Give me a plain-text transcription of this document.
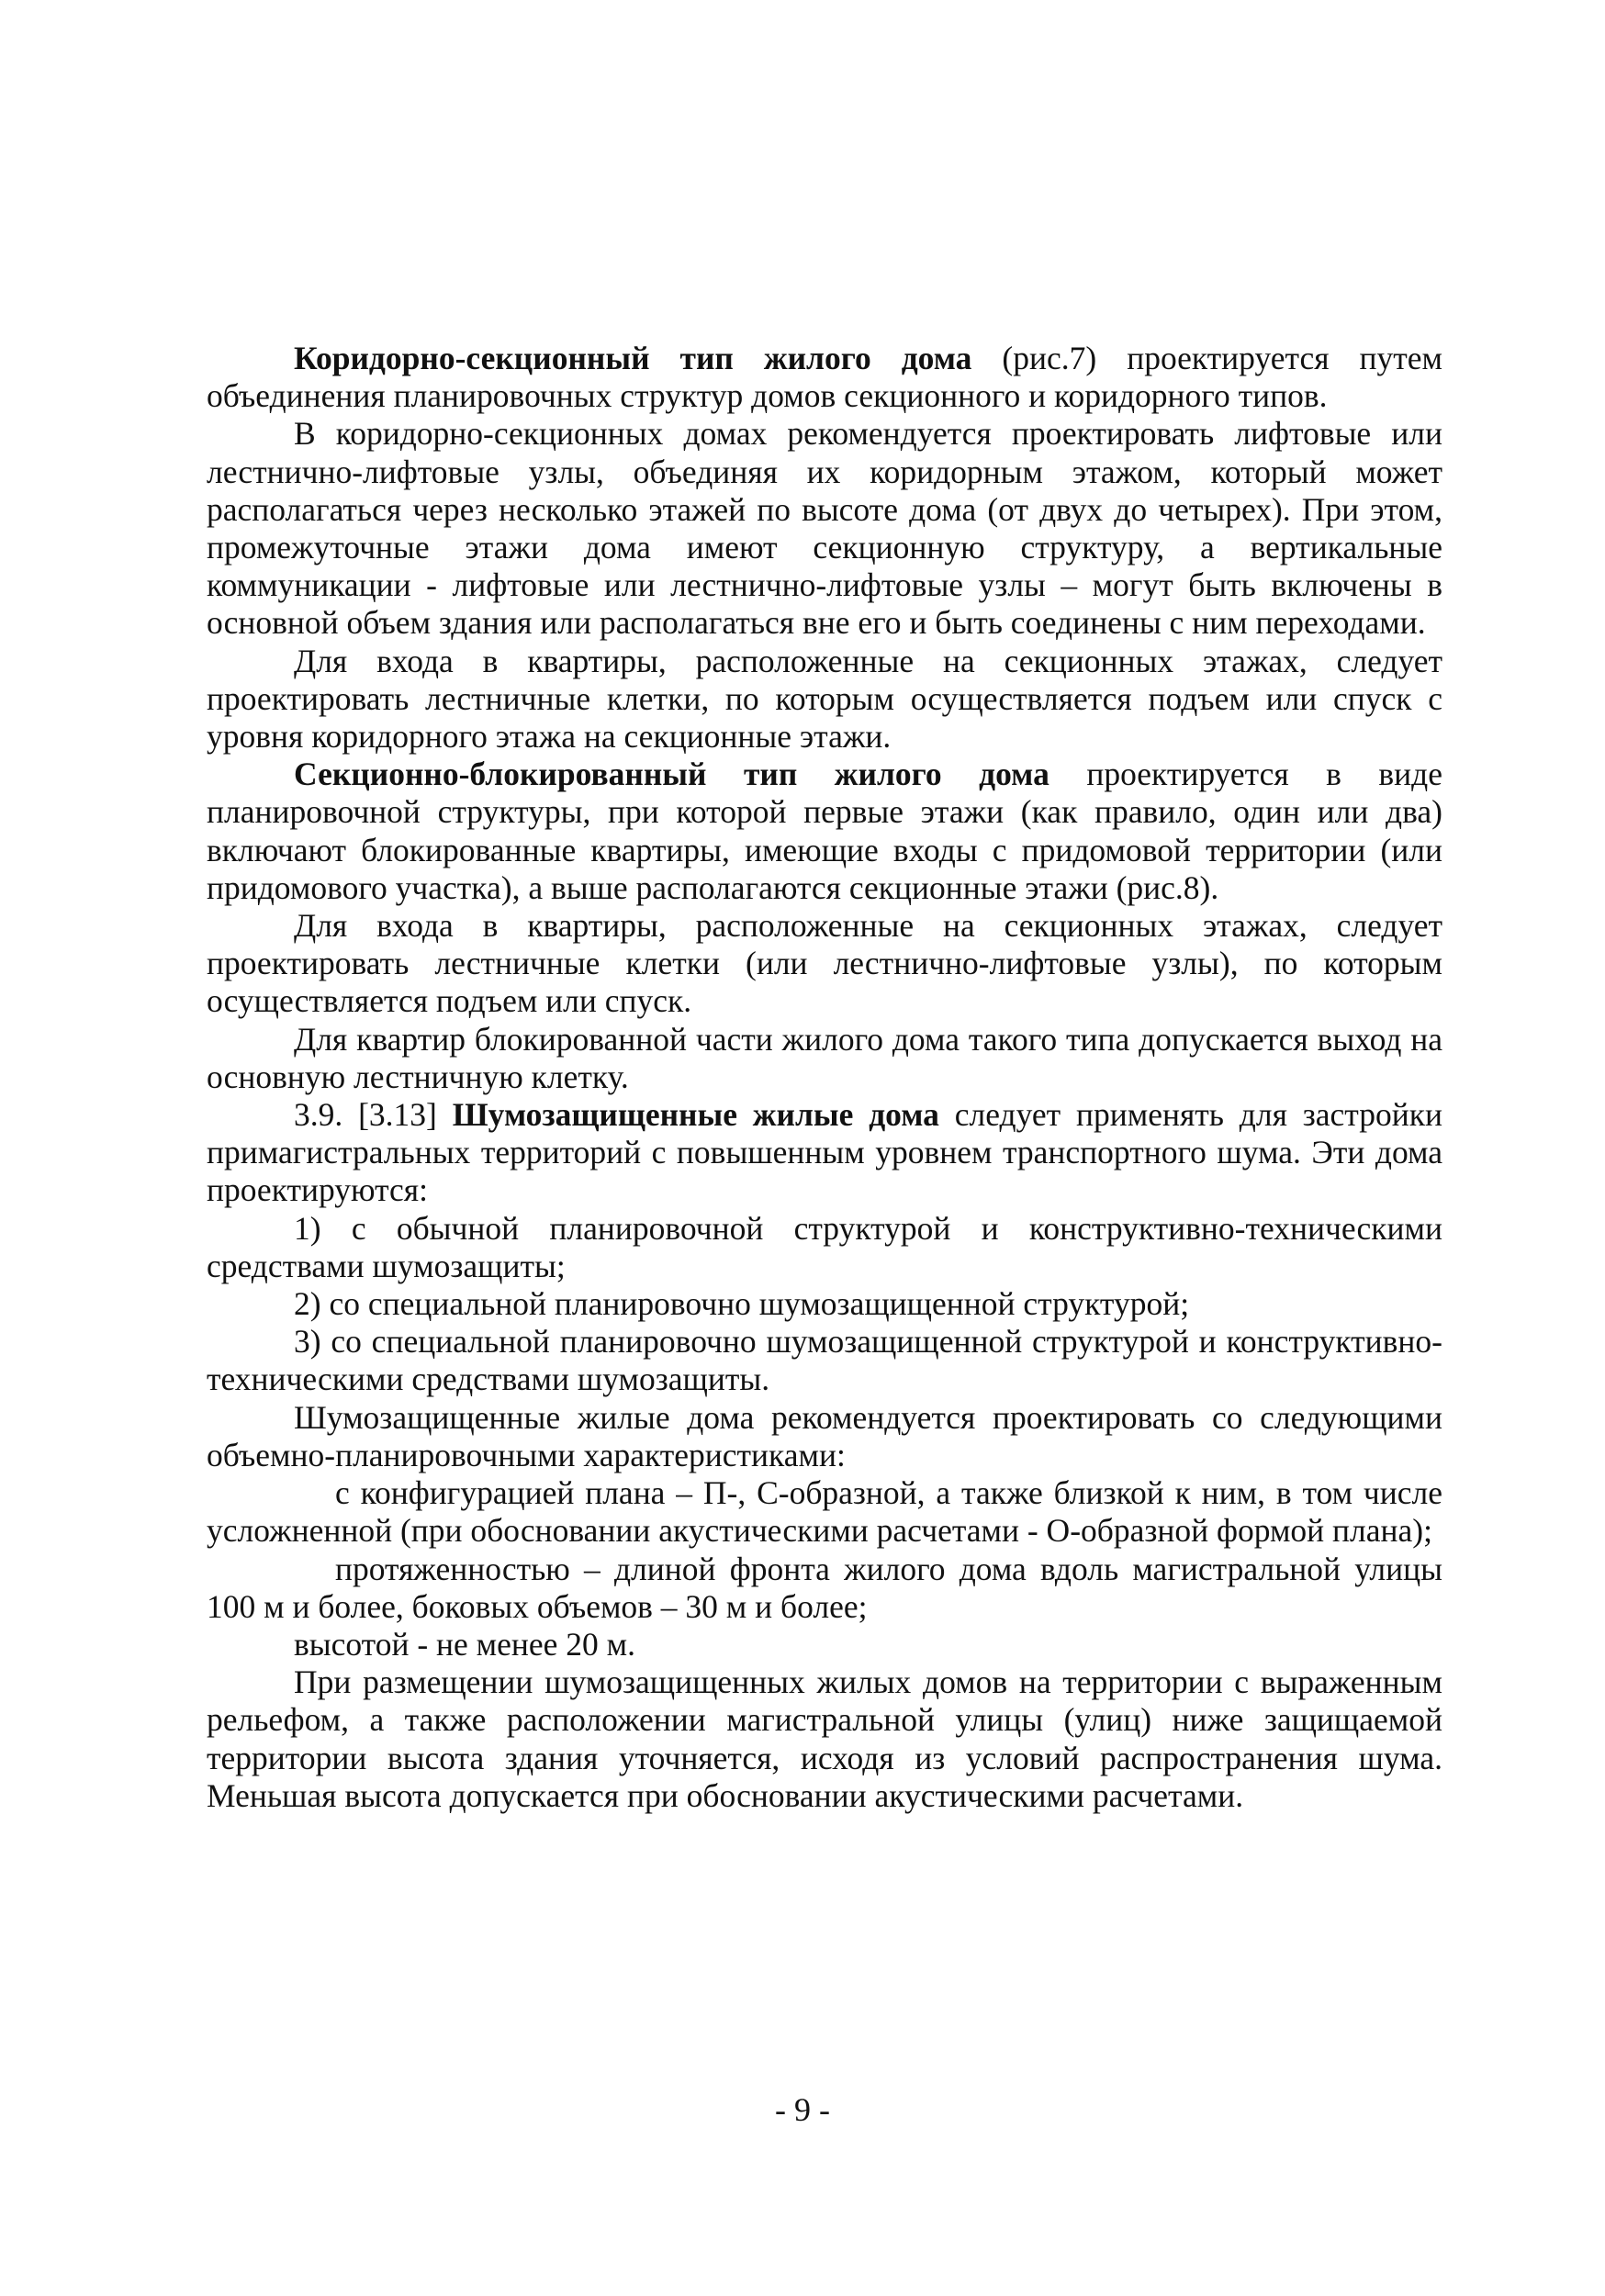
Коридорно-секционный тип жилого дома (рис.7) проектируется путем объединения планировочных структур домов секционного и коридорного типов.

В коридорно-секционных домах рекомендуется проектировать лифтовые или лестнично-лифтовые узлы, объединяя их коридорным этажом, который может располагаться через несколько этажей по высоте дома (от двух до четырех). При этом, промежуточные этажи дома имеют секционную структуру, а вертикальные коммуникации - лифтовые или лестнично-лифтовые узлы – могут быть включены в основной объем здания или располагаться вне его и быть соединены с ним переходами.

Для входа в квартиры, расположенные на секционных этажах, следует проектировать лестничные клетки, по которым осуществляется подъем или спуск с уровня коридорного этажа на секционные этажи.

Секционно-блокированный тип жилого дома проектируется в виде планировочной структуры, при которой первые этажи (как правило, один или два) включают блокированные квартиры, имеющие входы с придомовой территории (или придомового участка), а выше располагаются секционные этажи (рис.8).

Для входа в квартиры, расположенные на секционных этажах, следует проектировать лестничные клетки (или лестнично-лифтовые узлы), по которым осуществляется подъем или спуск.

Для квартир блокированной части жилого дома такого типа допускается выход на основную лестничную клетку.

3.9. [3.13] Шумозащищенные жилые дома следует применять для застройки примагистральных территорий с повышенным уровнем транспортного шума. Эти дома проектируются:

1) с обычной планировочной структурой и конструктивно-техническими средствами шумозащиты;

2) со специальной планировочно шумозащищенной структурой;

3) со специальной планировочно шумозащищенной структурой и конструктивно-техническими средствами шумозащиты.

Шумозащищенные жилые дома рекомендуется проектировать со следующими объемно-планировочными характеристиками:

с конфигурацией плана – П-, С-образной, а также близкой к ним, в том числе усложненной (при обосновании акустическими расчетами - О-образной формой плана);

протяженностью – длиной фронта жилого дома вдоль магистральной улицы 100 м и более, боковых объемов – 30 м и более;

высотой - не менее 20 м.

При размещении шумозащищенных жилых домов на территории с выраженным рельефом, а также расположении магистральной улицы (улиц) ниже защищаемой территории высота здания уточняется, исходя из условий распространения шума. Меньшая высота допускается при обосновании акустическими расчетами.

- 9 -
